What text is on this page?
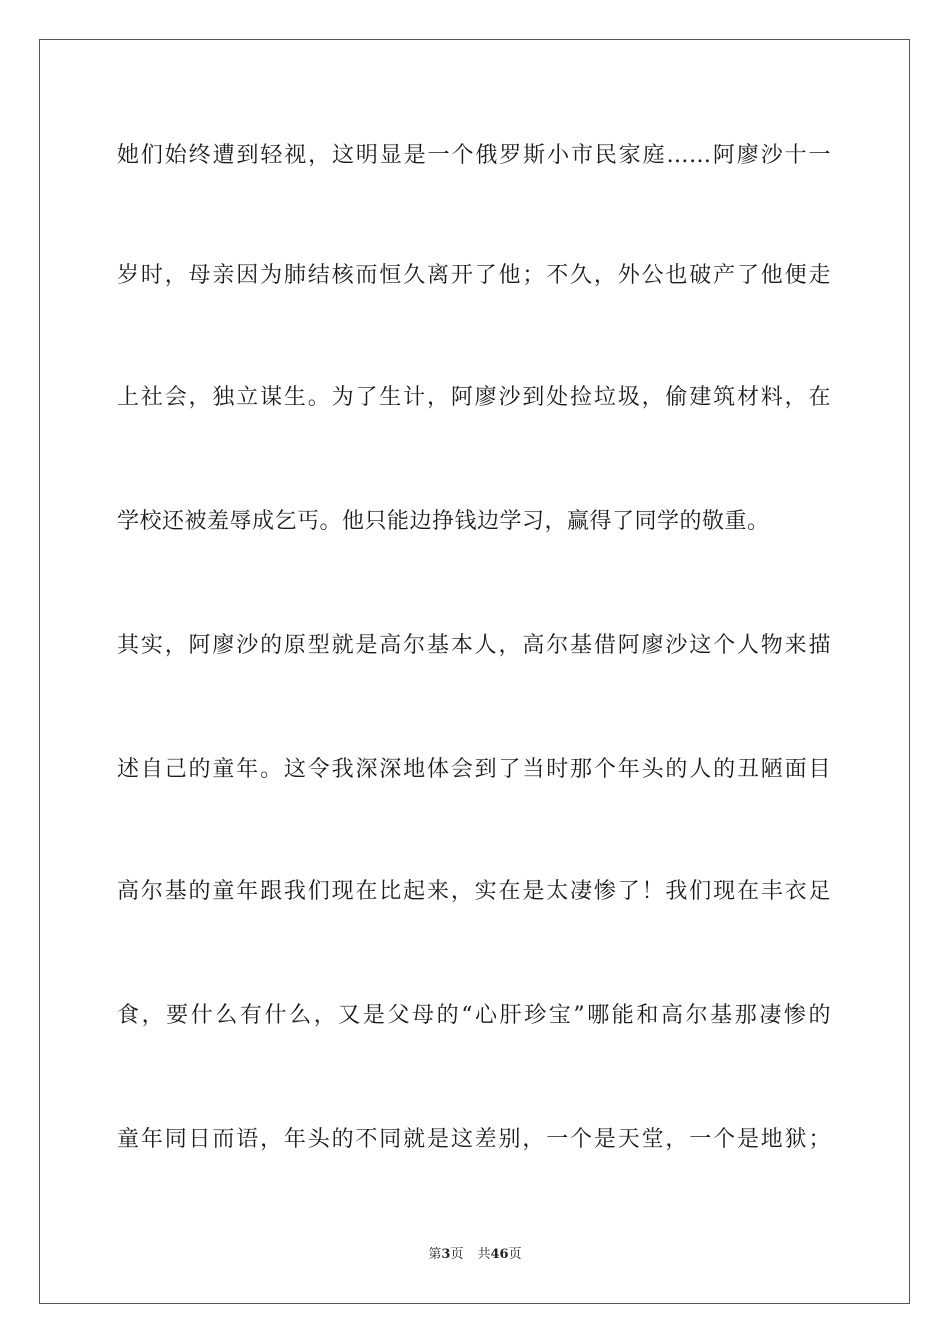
她们始终遭到轻视，这明显是一个俄罗斯小市民家庭……阿廖沙十一
岁时，母亲因为肺结核而恒久离开了他；不久，外公也破产了他便走
上社会，独立谋生。为了生计，阿廖沙到处捡垃圾，偷建筑材料，在
学校还被羞辱成乞丐。他只能边挣钱边学习，赢得了同学的敬重。
其实，阿廖沙的原型就是高尔基本人，高尔基借阿廖沙这个人物来描
述自己的童年。这令我深深地体会到了当时那个年头的人的丑陋面目
高尔基的童年跟我们现在比起来，实在是太凄惨了！我们现在丰衣足
食，要什么有什么，又是父母的“心肝珍宝”哪能和高尔基那凄惨的
童年同日而语，年头的不同就是这差别，一个是天堂，一个是地狱；
第3页 共46页
